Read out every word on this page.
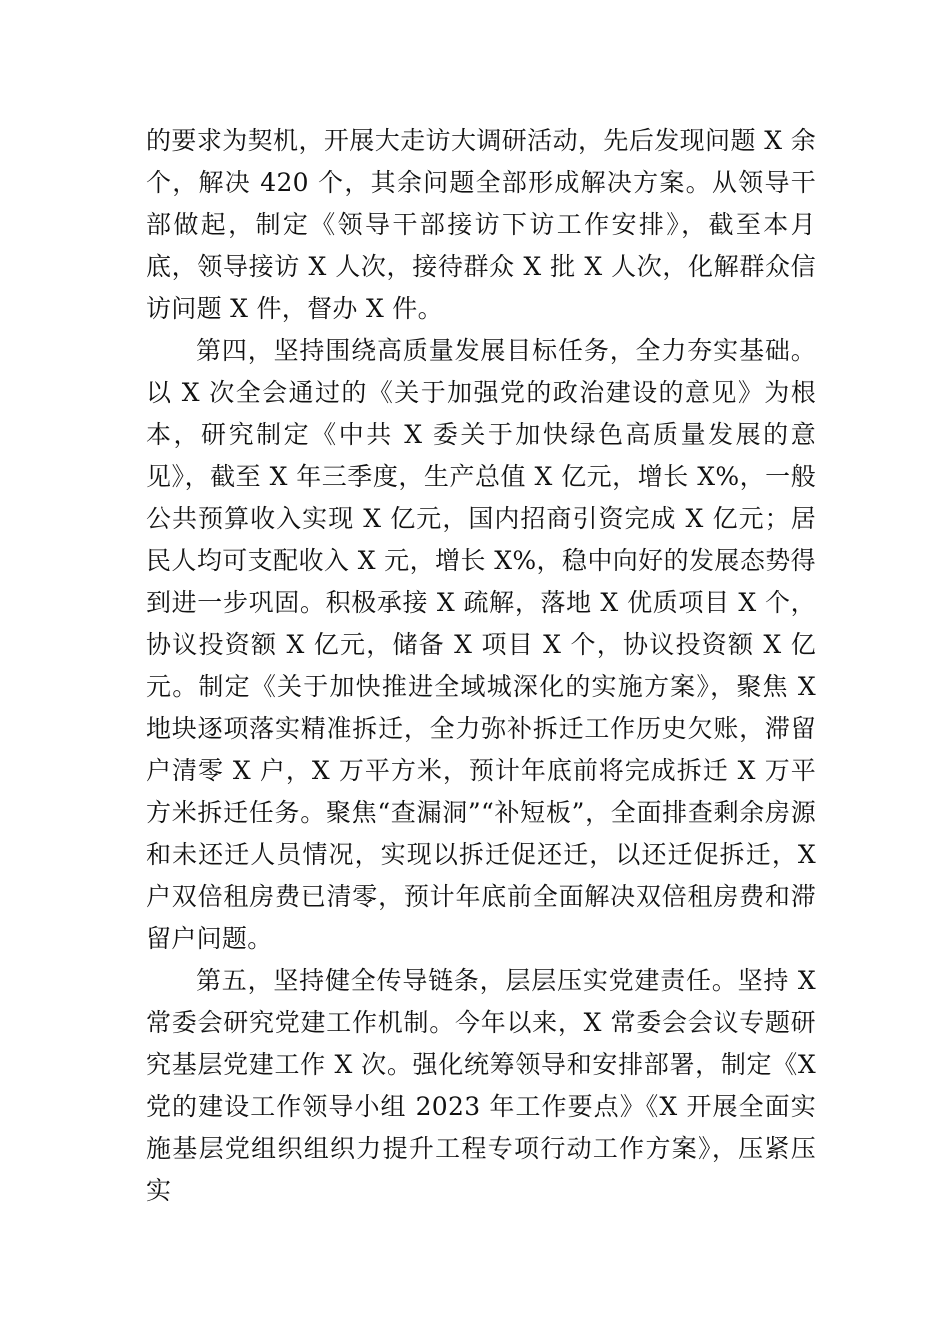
的要求为契机，开展大走访大调研活动，先后发现问题 X 余个，解决 420 个，其余问题全部形成解决方案。从领导干部做起，制定《领导干部接访下访工作安排》，截至本月底，领导接访 X 人次，接待群众 X 批 X 人次，化解群众信访问题 X 件，督办 X 件。

第四，坚持围绕高质量发展目标任务，全力夯实基础。以 X 次全会通过的《关于加强党的政治建设的意见》为根本，研究制定《中共 X 委关于加快绿色高质量发展的意见》，截至 X 年三季度，生产总值 X 亿元，增长 X%，一般公共预算收入实现 X 亿元，国内招商引资完成 X 亿元；居民人均可支配收入 X 元，增长 X%，稳中向好的发展态势得到进一步巩固。积极承接 X 疏解，落地 X 优质项目 X 个，协议投资额 X 亿元，储备 X 项目 X 个，协议投资额 X 亿元。制定《关于加快推进全域城深化的实施方案》，聚焦 X 地块逐项落实精准拆迁，全力弥补拆迁工作历史欠账，滞留户清零 X 户，X 万平方米，预计年底前将完成拆迁 X 万平方米拆迁任务。聚焦“查漏洞”“补短板”，全面排查剩余房源和未还迁人员情况，实现以拆迁促还迁，以还迁促拆迁，X 户双倍租房费已清零，预计年底前全面解决双倍租房费和滞留户问题。

第五，坚持健全传导链条，层层压实党建责任。坚持 X 常委会研究党建工作机制。今年以来，X 常委会会议专题研究基层党建工作 X 次。强化统筹领导和安排部署，制定《X 党的建设工作领导小组 2023 年工作要点》《X 开展全面实施基层党组织组织力提升工程专项行动工作方案》，压紧压实
